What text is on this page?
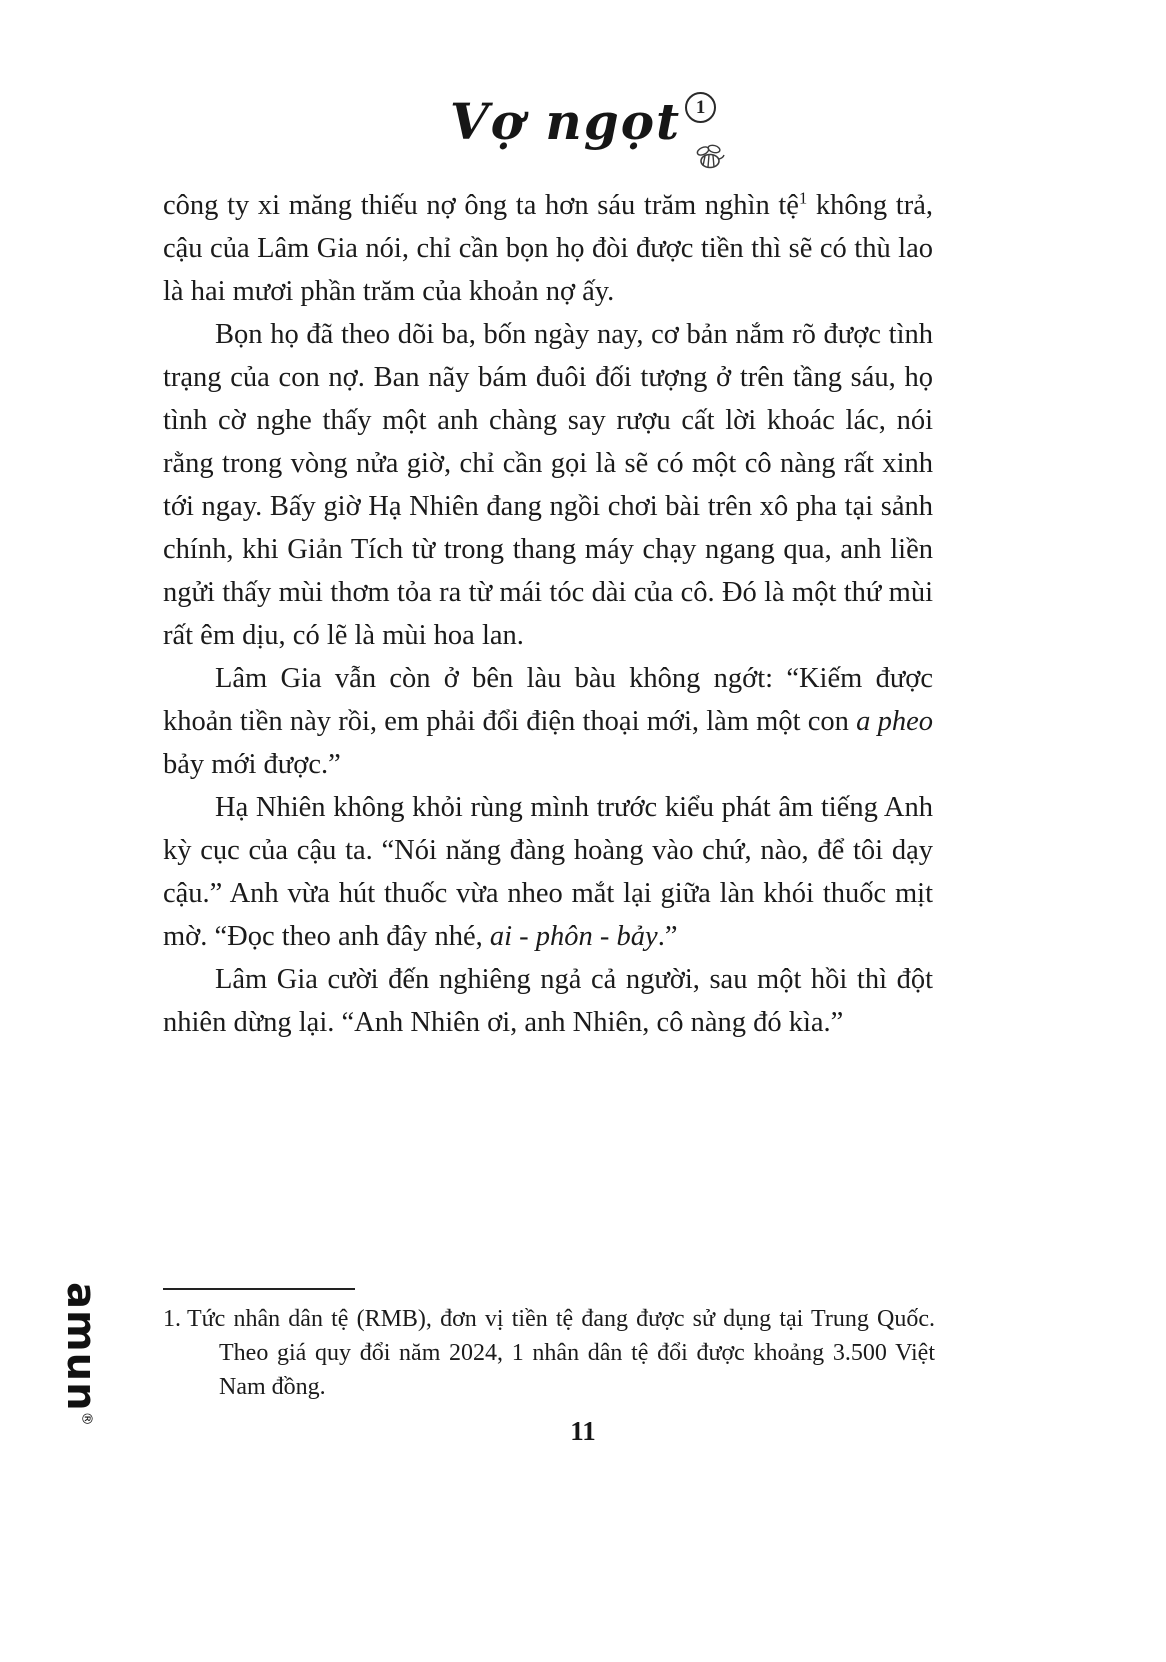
Vợ ngọt 1

công ty xi măng thiếu nợ ông ta hơn sáu trăm nghìn tệ$^1$ không trả, cậu của Lâm Gia nói, chỉ cần bọn họ đòi được tiền thì sẽ có thù lao là hai mươi phần trăm của khoản nợ ấy.

Bọn họ đã theo dõi ba, bốn ngày nay, cơ bản nắm rõ được tình trạng của con nợ. Ban nãy bám đuôi đối tượng ở trên tầng sáu, họ tình cờ nghe thấy một anh chàng say rượu cất lời khoác lác, nói rằng trong vòng nửa giờ, chỉ cần gọi là sẽ có một cô nàng rất xinh tới ngay. Bấy giờ Hạ Nhiên đang ngồi chơi bài trên xô pha tại sảnh chính, khi Giản Tích từ trong thang máy chạy ngang qua, anh liền ngửi thấy mùi thơm tỏa ra từ mái tóc dài của cô. Đó là một thứ mùi rất êm dịu, có lẽ là mùi hoa lan.

Lâm Gia vẫn còn ở bên làu bàu không ngớt: “Kiếm được khoản tiền này rồi, em phải đổi điện thoại mới, làm một con a pheo bảy mới được.”

Hạ Nhiên không khỏi rùng mình trước kiểu phát âm tiếng Anh kỳ cục của cậu ta. “Nói năng đàng hoàng vào chứ, nào, để tôi dạy cậu.” Anh vừa hút thuốc vừa nheo mắt lại giữa làn khói thuốc mịt mờ. “Đọc theo anh đây nhé, ai - phôn - bảy.”

Lâm Gia cười đến nghiêng ngả cả người, sau một hồi thì đột nhiên dừng lại. “Anh Nhiên ơi, anh Nhiên, cô nàng đó kìa.”

1. Tức nhân dân tệ (RMB), đơn vị tiền tệ đang được sử dụng tại Trung Quốc. Theo giá quy đổi năm 2024, 1 nhân dân tệ đổi được khoảng 3.500 Việt Nam đồng.

amun®	11
